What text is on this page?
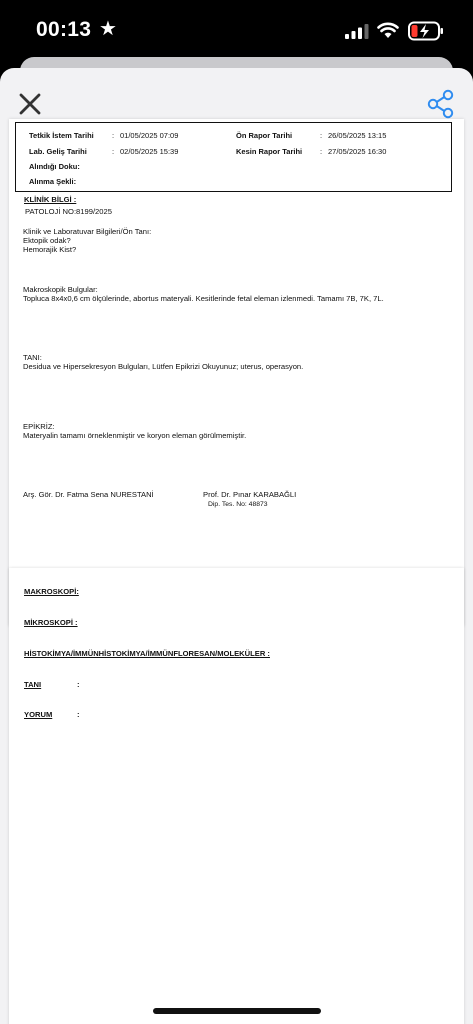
00:13 ★
Tetkik İstem Tarihi : 01/05/2025 07:09	Ön Rapor Tarihi	: 26/05/2025 13:15
Lab. Geliş Tarihi	: 02/05/2025 15:39	Kesin Rapor Tarihi : 27/05/2025 16:30
Alındığı Doku:
Alınma Şekli:
KLİNİK BİLGİ :
PATOLOJİ NO:8199/2025
Klinik ve Laboratuvar Bilgileri/Ön Tanı:
Ektopik odak?
Hemorajik Kist?
Makroskopik Bulgular:
Topluca 8x4x0,6 cm ölçülerinde, abortus materyali. Kesitlerinde fetal eleman izlenmedi. Tamamı 7B, 7K, 7L.
TANI:
Desidua ve Hipersekresyon Bulguları, Lütfen Epikrizi Okuyunuz; uterus, operasyon.
EPİKRİZ:
Materyalin tamamı örneklenmiştir ve koryon eleman görülmemiştir.
Arş. Gör. Dr. Fatma Sena NURESTANİ	Prof. Dr. Pınar KARABAĞLI
Dip. Tes. No: 48873
MAKROSKOPİ:
MİKROSKOPİ :
HİSTOKİMYA/İMMÜNHİSTOKİMYA/İMMÜNFLORESAN/MOLEKÜLER :
TANI	:
YORUM	:
